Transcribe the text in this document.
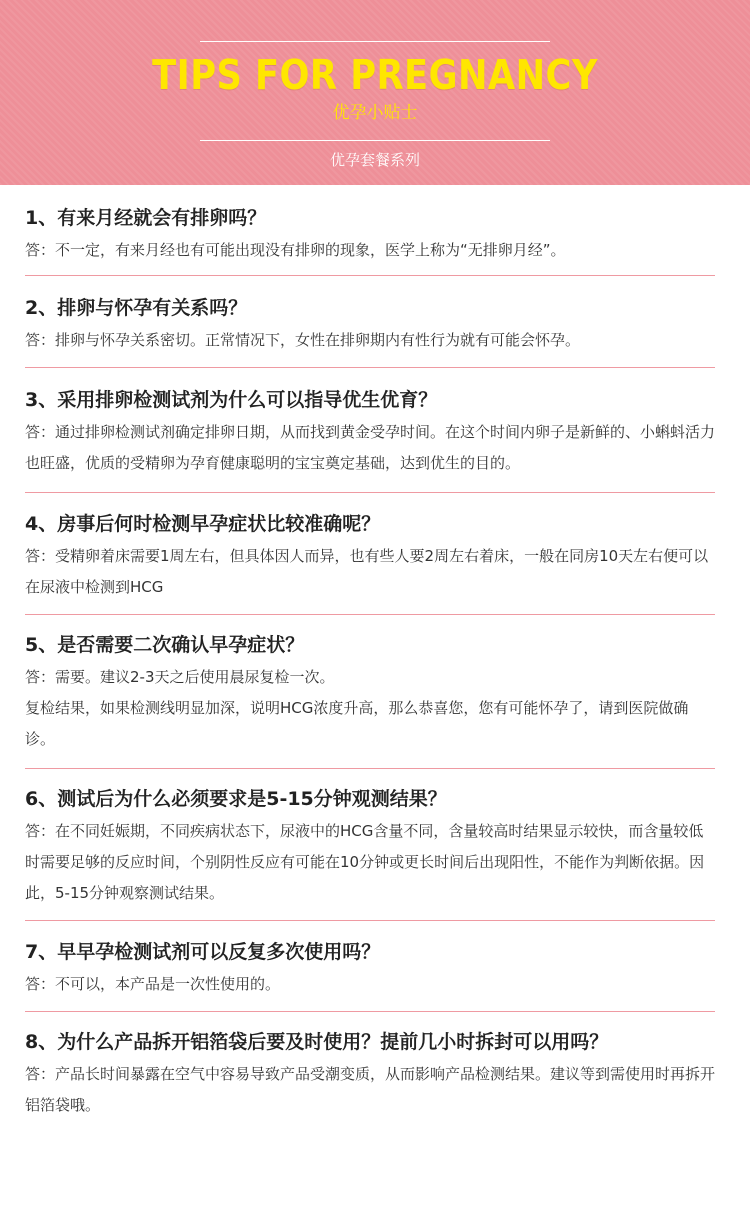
TIPS FOR PREGNANCY
优孕小贴士
优孕套餐系列
1、有来月经就会有排卵吗？

答：不一定，有来月经也有可能出现没有排卵的现象，医学上称为“无排卵月经”。

2、排卵与怀孕有关系吗？

答：排卵与怀孕关系密切。正常情况下，女性在排卵期内有性行为就有可能会怀孕。

3、采用排卵检测试剂为什么可以指导优生优育？

答：通过排卵检测试剂确定排卵日期，从而找到黄金受孕时间。在这个时间内卵子是新鲜的、小蝌蚪活力也旺盛，优质的受精卵为孕育健康聪明的宝宝奠定基础，达到优生的目的。

4、房事后何时检测早孕症状比较准确呢？

答：受精卵着床需要1周左右，但具体因人而异，也有些人要2周左右着床，一般在同房10天左右便可以在尿液中检测到HCG

5、是否需要二次确认早孕症状？

答：需要。建议2-3天之后使用晨尿复检一次。

复检结果，如果检测线明显加深，说明HCG浓度升高，那么恭喜您，您有可能怀孕了，请到医院做确诊。

6、测试后为什么必须要求是5-15分钟观测结果？

答：在不同妊娠期，不同疾病状态下，尿液中的HCG含量不同，含量较高时结果显示较快，而含量较低时需要足够的反应时间，个别阴性反应有可能在10分钟或更长时间后出现阳性，不能作为判断依据。因此，5-15分钟观察测试结果。

7、早早孕检测试剂可以反复多次使用吗？

答：不可以，本产品是一次性使用的。

8、为什么产品拆开铝箔袋后要及时使用？提前几小时拆封可以用吗？

答：产品长时间暴露在空气中容易导致产品受潮变质，从而影响产品检测结果。建议等到需使用时再拆开铝箔袋哦。
